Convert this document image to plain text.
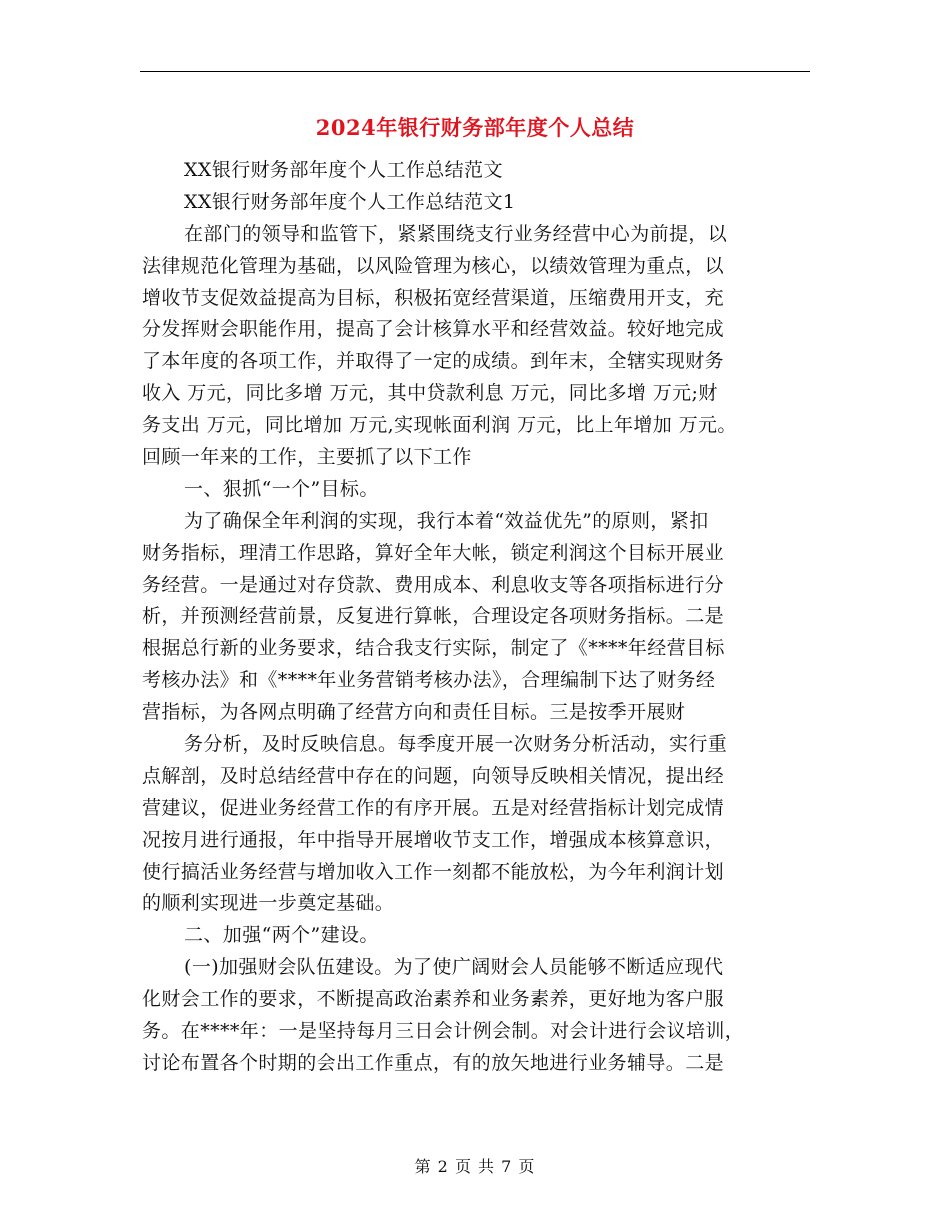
2024年银行财务部年度个人总结
XX银行财务部年度个人工作总结范文
XX银行财务部年度个人工作总结范文1
在部门的领导和监管下，紧紧围绕支行业务经营中心为前提，以
法律规范化管理为基础，以风险管理为核心，以绩效管理为重点，以
增收节支促效益提高为目标，积极拓宽经营渠道，压缩费用开支，充
分发挥财会职能作用，提高了会计核算水平和经营效益。较好地完成
了本年度的各项工作，并取得了一定的成绩。到年末，全辖实现财务
收入 万元，同比多增 万元，其中贷款利息 万元，同比多增 万元;财
务支出 万元，同比增加 万元,实现帐面利润 万元，比上年增加 万元。
回顾一年来的工作，主要抓了以下工作
一、狠抓“一个”目标。
为了确保全年利润的实现，我行本着“效益优先”的原则，紧扣
财务指标，理清工作思路，算好全年大帐，锁定利润这个目标开展业
务经营。一是通过对存贷款、费用成本、利息收支等各项指标进行分
析，并预测经营前景，反复进行算帐，合理设定各项财务指标。二是
根据总行新的业务要求，结合我支行实际，制定了《****年经营目标
考核办法》和《****年业务营销考核办法》，合理编制下达了财务经
营指标，为各网点明确了经营方向和责任目标。三是按季开展财
务分析，及时反映信息。每季度开展一次财务分析活动，实行重
点解剖，及时总结经营中存在的问题，向领导反映相关情况，提出经
营建议，促进业务经营工作的有序开展。五是对经营指标计划完成情
况按月进行通报，年中指导开展增收节支工作，增强成本核算意识，
使行搞活业务经营与增加收入工作一刻都不能放松，为今年利润计划
的顺利实现进一步奠定基础。
二、加强“两个”建设。
(一)加强财会队伍建设。为了使广阔财会人员能够不断适应现代
化财会工作的要求，不断提高政治素养和业务素养，更好地为客户服
务。在****年：一是坚持每月三日会计例会制。对会计进行会议培训，
讨论布置各个时期的会出工作重点，有的放矢地进行业务辅导。二是
第 2 页 共 7 页
